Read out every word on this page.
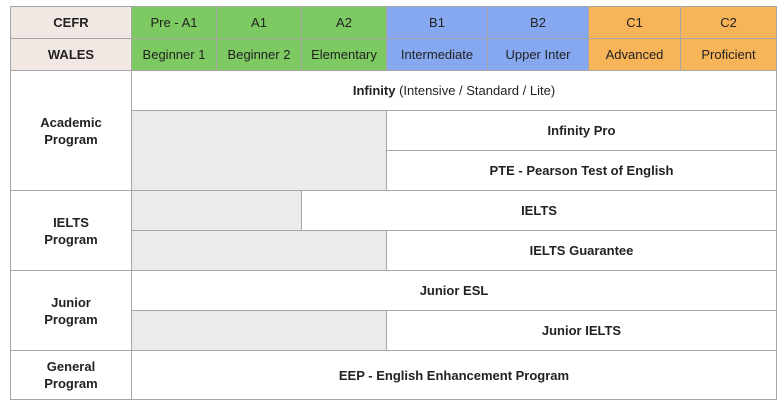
CEFR	Pre - A1	A1	A2	B1	B2	C1	C2
WALES	Beginner 1	Beginner 2	Elementary	Intermediate	Upper Inter	Advanced	Proficient
Academic
Program	Infinity (Intensive / Standard / Lite)						
				Infinity Pro			
				PTE - Pearson Test of English			
IELTS
Program			IELTS				
				IELTS Guarantee			
Junior
Program	Junior ESL						
				Junior IELTS			
General
Program	EEP - English Enhancement Program						
